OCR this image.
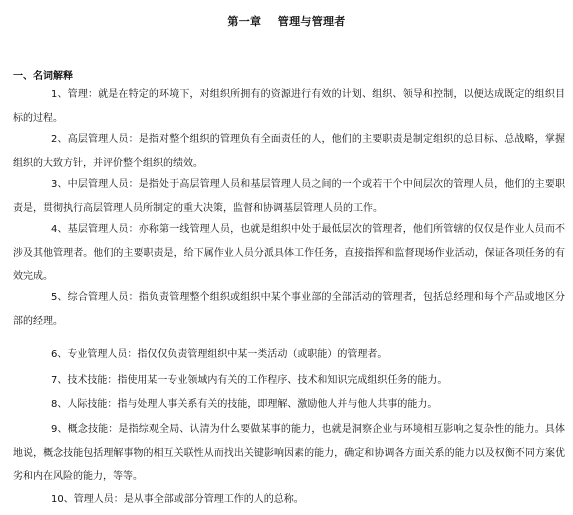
第一章    管理与管理者
一、名词解释

1、管理：就是在特定的环境下，对组织所拥有的资源进行有效的计划、组织、领导和控制，以便达成既定的组织目标的过程。

2、高层管理人员：是指对整个组织的管理负有全面责任的人，他们的主要职责是制定组织的总目标、总战略，掌握组织的大致方针，并评价整个组织的绩效。

3、中层管理人员：是指处于高层管理人员和基层管理人员之间的一个或若干个中间层次的管理人员，他们的主要职责是，贯彻执行高层管理人员所制定的重大决策，监督和协调基层管理人员的工作。

4、基层管理人员：亦称第一线管理人员，也就是组织中处于最低层次的管理者，他们所管辖的仅仅是作业人员而不涉及其他管理者。他们的主要职责是，给下属作业人员分派具体工作任务，直接指挥和监督现场作业活动，保证各项任务的有效完成。

5、综合管理人员：指负责管理整个组织或组织中某个事业部的全部活动的管理者，包括总经理和每个产品或地区分部的经理。

6、专业管理人员：指仅仅负责管理组织中某一类活动（或职能）的管理者。

7、技术技能：指使用某一专业领域内有关的工作程序、技术和知识完成组织任务的能力。

8、人际技能：指与处理人事关系有关的技能，即理解、激励他人并与他人共事的能力。

9、概念技能：是指综观全局、认清为什么要做某事的能力，也就是洞察企业与环境相互影响之复杂性的能力。具体地说，概念技能包括理解事物的相互关联性从而找出关键影响因素的能力，确定和协调各方面关系的能力以及权衡不同方案优劣和内在风险的能力，等等。

10、管理人员：是从事全部或部分管理工作的人的总称。
